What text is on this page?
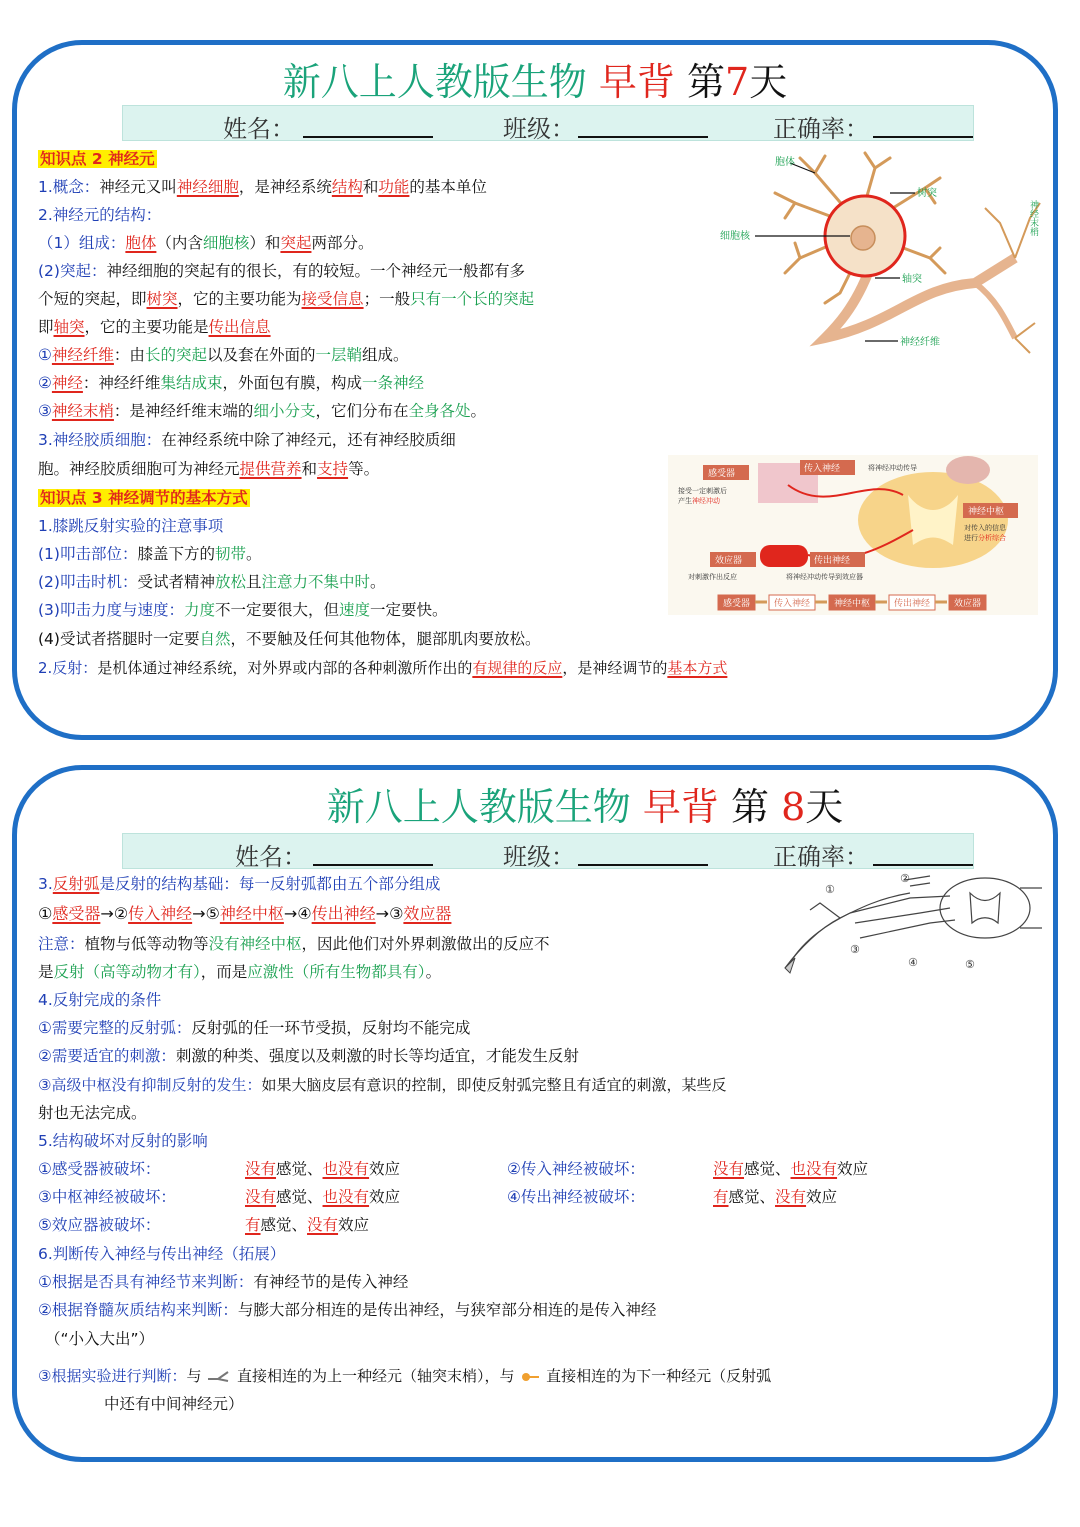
新八上人教版生物 早背 第7天
姓名：	班级：	正确率：
知识点 2 神经元
1.概念：神经元又叫神经细胞，是神经系统结构和功能的基本单位
2.神经元的结构：
（1）组成：胞体（内含细胞核）和突起两部分。
(2)突起：神经细胞的突起有的很长，有的较短。一个神经元一般都有多
个短的突起，即树突，它的主要功能为接受信息；一般只有一个长的突起
即轴突，它的主要功能是传出信息
①神经纤维：由长的突起以及套在外面的一层鞘组成。
②神经：神经纤维集结成束，外面包有膜，构成一条神经
③神经末梢：是神经纤维末端的细小分支，它们分布在全身各处。
3.神经胶质细胞：在神经系统中除了神经元，还有神经胶质细
胞。神经胶质细胞可为神经元提供营养和支持等。
知识点 3 神经调节的基本方式
1.膝跳反射实验的注意事项
(1)叩击部位：膝盖下方的韧带。
(2)叩击时机：受试者精神放松且注意力不集中时。
(3)叩击力度与速度：力度不一定要很大，但速度一定要快。
(4)受试者搭腿时一定要自然，不要触及任何其他物体，腿部肌肉要放松。
2.反射：是机体通过神经系统，对外界或内部的各种刺激所作出的有规律的反应，是神经调节的基本方式
胞体
树突
细胞核
轴突
神经纤维
神经末梢
感受器	传入神经	将神经冲动传导
接受一定刺激后
产生神经冲动
神经中枢
对传入的信息
进行分析综合
效应器	传出神经
对刺激作出反应	将神经冲动传导到效应器
感受器	传入神经	神经中枢	传出神经	效应器
新八上人教版生物 早背 第 8天
姓名：	班级：	正确率：
3.反射弧是反射的结构基础：每一反射弧都由五个部分组成
①感受器→②传入神经→⑤神经中枢→④传出神经→③效应器
注意：植物与低等动物等没有神经中枢，因此他们对外界刺激做出的反应不
是反射（高等动物才有），而是应激性（所有生物都具有）。
4.反射完成的条件
①需要完整的反射弧：反射弧的任一环节受损，反射均不能完成
②需要适宜的刺激：刺激的种类、强度以及刺激的时长等均适宜，才能发生反射
③高级中枢没有抑制反射的发生：如果大脑皮层有意识的控制，即使反射弧完整且有适宜的刺激，某些反
射也无法完成。
5.结构破坏对反射的影响
①感受器被破坏：	没有感觉、也没有效应	②传入神经被破坏：	没有感觉、也没有效应
③中枢神经被破坏：	没有感觉、也没有效应	④传出神经被破坏：	有感觉、没有效应
⑤效应器被破坏：	有感觉、没有效应
6.判断传入神经与传出神经（拓展）
①根据是否具有神经节来判断：有神经节的是传入神经
②根据脊髓灰质结构来判断：与膨大部分相连的是传出神经，与狭窄部分相连的是传入神经
（“小入大出”）
③根据实验进行判断：与 直接相连的为上一种经元（轴突末梢），与 直接相连的为下一种经元（反射弧
中还有中间神经元）
①
②
③
④	⑤
